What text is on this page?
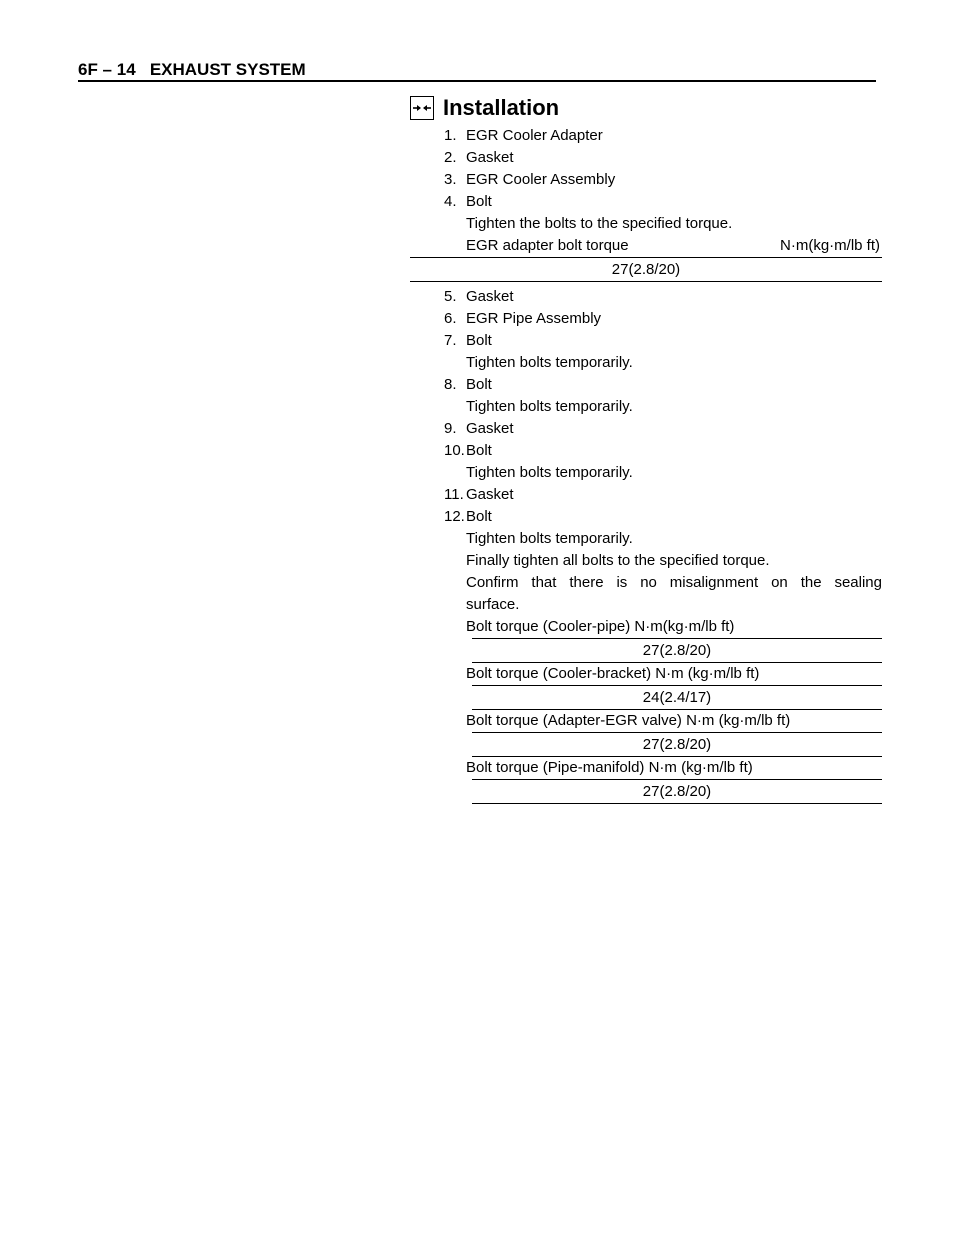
6F – 14   EXHAUST SYSTEM
Installation
1. EGR Cooler Adapter
2. Gasket
3. EGR Cooler Assembly
4. Bolt
Tighten the bolts to the specified torque.
EGR adapter bolt torque	N·m(kg·m/lb ft)
27(2.8/20)
5. Gasket
6. EGR Pipe Assembly
7. Bolt
Tighten bolts temporarily.
8. Bolt
Tighten bolts temporarily.
9. Gasket
10. Bolt
Tighten bolts temporarily.
11. Gasket
12. Bolt
Tighten bolts temporarily.
Finally tighten all bolts to the specified torque.
Confirm that there is no misalignment on the sealing
surface.
Bolt torque (Cooler-pipe) N·m(kg·m/lb ft)
27(2.8/20)
Bolt torque (Cooler-bracket) N·m (kg·m/lb ft)
24(2.4/17)
Bolt torque (Adapter-EGR valve) N·m (kg·m/lb ft)
27(2.8/20)
Bolt torque (Pipe-manifold) N·m (kg·m/lb ft)
27(2.8/20)
